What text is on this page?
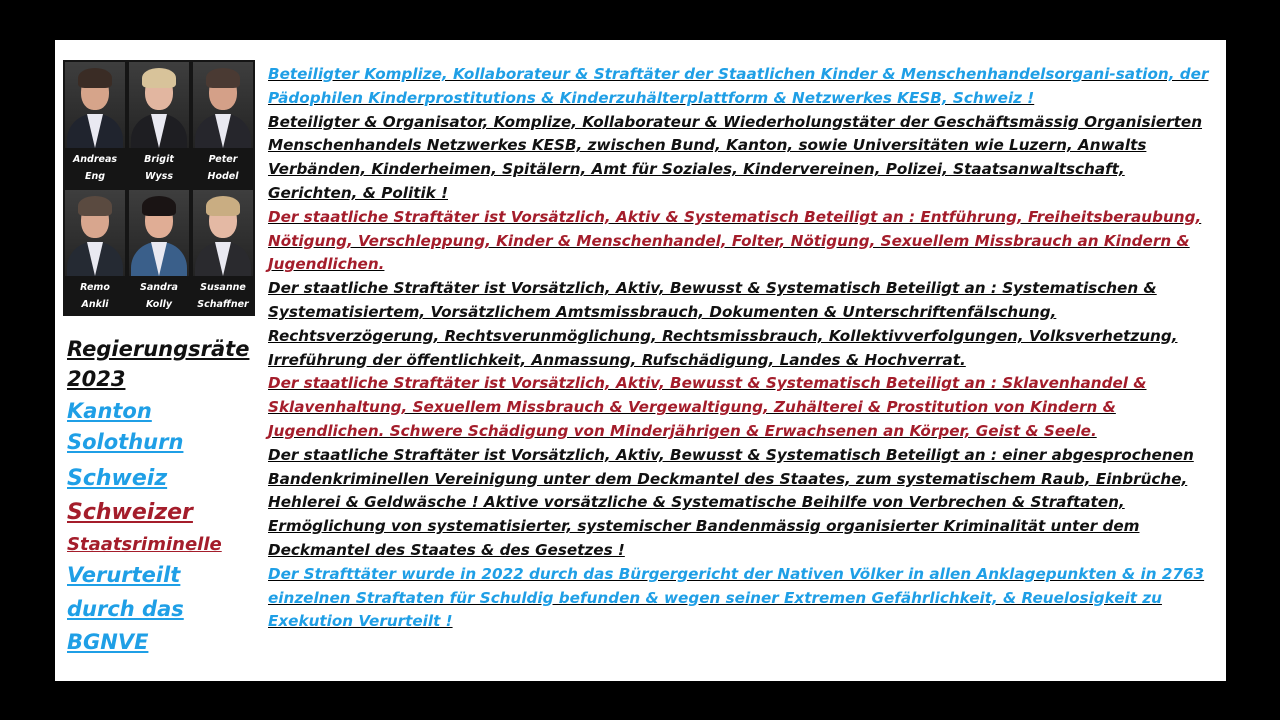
Andreas
Eng
Brigit
Wyss
Peter
Hodel
Remo
Ankli
Sandra
Kolly
Susanne
Schaffner
Regierungsräte
2023
Kanton
Solothurn
Schweiz
Schweizer
Staatsriminelle
Verurteilt
durch das
BGNVE

Beteiligter Komplize, Kollaborateur & Straftäter der Staatlichen Kinder & Menschenhandelsorgani-sation, der Pädophilen Kinderprostitutions & Kinderzuhälterplattform & Netzwerkes KESB, Schweiz !

Beteiligter & Organisator, Komplize, Kollaborateur & Wiederholungstäter der Geschäftsmässig Organisierten Menschenhandels Netzwerkes KESB, zwischen Bund, Kanton, sowie Universitäten wie Luzern, Anwalts Verbänden, Kinderheimen, Spitälern, Amt für Soziales, Kindervereinen, Polizei, Staatsanwaltschaft, Gerichten, & Politik !

Der staatliche Straftäter ist Vorsätzlich, Aktiv & Systematisch Beteiligt an : Entführung, Freiheitsberaubung, Nötigung, Verschleppung, Kinder & Menschenhandel, Folter, Nötigung, Sexuellem Missbrauch an Kindern & Jugendlichen.

Der staatliche Straftäter ist Vorsätzlich, Aktiv, Bewusst & Systematisch Beteiligt an : Systematischen & Systematisiertem, Vorsätzlichem Amtsmissbrauch, Dokumenten & Unterschriftenfälschung, Rechtsverzögerung, Rechtsverunmöglichung, Rechtsmissbrauch, Kollektivverfolgungen, Volksverhetzung, Irreführung der öffentlichkeit, Anmassung, Rufschädigung, Landes & Hochverrat.

Der staatliche Straftäter ist Vorsätzlich, Aktiv, Bewusst & Systematisch Beteiligt an : Sklavenhandel & Sklavenhaltung, Sexuellem Missbrauch & Vergewaltigung, Zuhälterei & Prostitution von Kindern & Jugendlichen. Schwere Schädigung von Minderjährigen & Erwachsenen an Körper, Geist & Seele.

Der staatliche Straftäter ist Vorsätzlich, Aktiv, Bewusst & Systematisch Beteiligt an : einer abgesprochenen Bandenkriminellen Vereinigung unter dem Deckmantel des Staates, zum systematischem Raub, Einbrüche, Hehlerei & Geldwäsche ! Aktive vorsätzliche & Systematische Beihilfe von Verbrechen & Straftaten, Ermöglichung von systematisierter, systemischer Bandenmässig organisierter Kriminalität unter dem Deckmantel des Staates & des Gesetzes !

Der Strafttäter wurde in 2022 durch das Bürgergericht der Nativen Völker in allen Anklagepunkten & in 2763 einzelnen Straftaten für Schuldig befunden & wegen seiner Extremen Gefährlichkeit, & Reuelosigkeit zu Exekution Verurteilt !
